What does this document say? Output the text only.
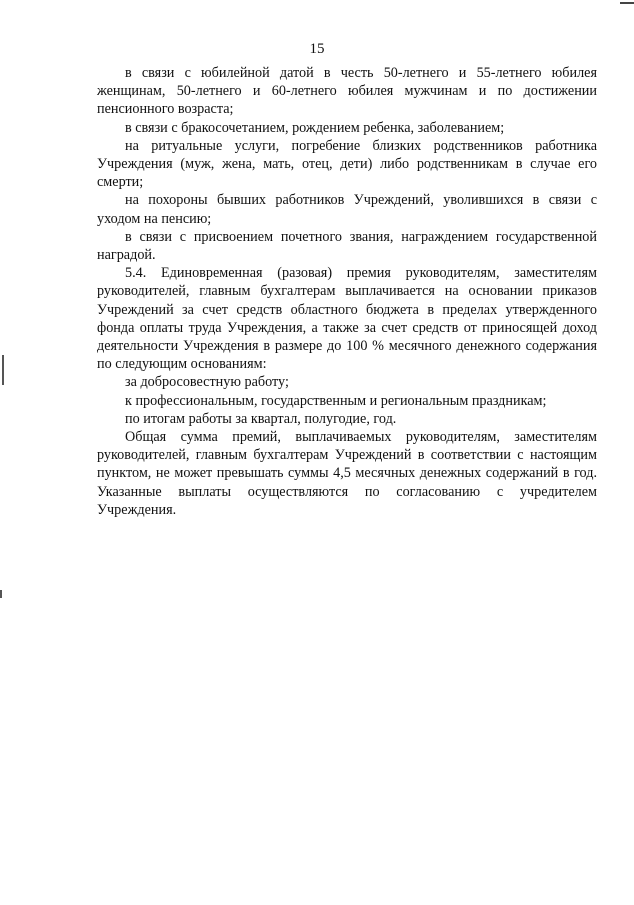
15

в связи с юбилейной датой в честь 50-летнего и 55-летнего юбилея женщинам, 50-летнего и 60-летнего юбилея мужчинам и по достижении пенсионного возраста;

в связи с бракосочетанием, рождением ребенка, заболеванием;

на ритуальные услуги, погребение близких родственников работника Учреждения (муж, жена, мать, отец, дети) либо родственникам в случае его смерти;

на похороны бывших работников Учреждений, уволившихся в связи с уходом на пенсию;

в связи с присвоением почетного звания, награждением государственной наградой.

5.4. Единовременная (разовая) премия руководителям, заместителям руководителей, главным бухгалтерам выплачивается на основании приказов Учреждений за счет средств областного бюджета в пределах утвержденного фонда оплаты труда Учреждения, а также за счет средств от приносящей доход деятельности Учреждения в размере до 100 % месячного денежного содержания по следующим основаниям:

за добросовестную работу;

к профессиональным, государственным и региональным праздникам;

по итогам работы за квартал, полугодие, год.

Общая сумма премий, выплачиваемых руководителям, заместителям руководителей, главным бухгалтерам Учреждений в соответствии с настоящим пунктом, не может превышать суммы 4,5 месячных денежных содержаний в год. Указанные выплаты осуществляются по согласованию с учредителем Учреждения.
